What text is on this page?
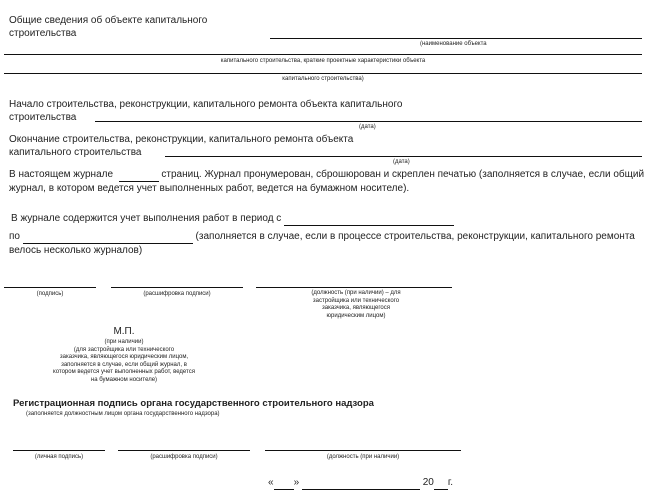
Общие сведения об объекте капитального
строительства
(наименование объекта
капитального строительства, краткие проектные характеристики объекта
капитального строительства)
Начало строительства, реконструкции, капитального ремонта объекта капитального
строительства
(дата)
Окончание строительства, реконструкции, капитального ремонта объекта
капитального строительства
(дата)
В настоящем журнале	страниц. Журнал пронумерован, сброшюрован и скреплен печатью (заполняется в случае, если общий
журнал, в котором ведется учет выполненных работ, ведется на бумажном носителе).
В журнале содержится учет выполнения работ в период с
по	(заполняется в случае, если в процессе строительства, реконструкции, капитального ремонта
велось несколько журналов)
(подпись)	(расшифровка подписи)	(должность (при наличии) – для
застройщика или технического
заказчика, являющегося
юридическим лицом)
М.П.
(при наличии)
(для застройщика или технического
заказчика, являющегося юридическим лицом,
заполняется в случае, если общий журнал, в
котором ведется учет выполненных работ, ведется
на бумажном носителе)
Регистрационная подпись органа государственного строительного надзора
(заполняется должностным лицом органа государственного надзора)
(личная подпись)	(расшифровка подписи)	(должность (при наличии)
« »	20 г.
